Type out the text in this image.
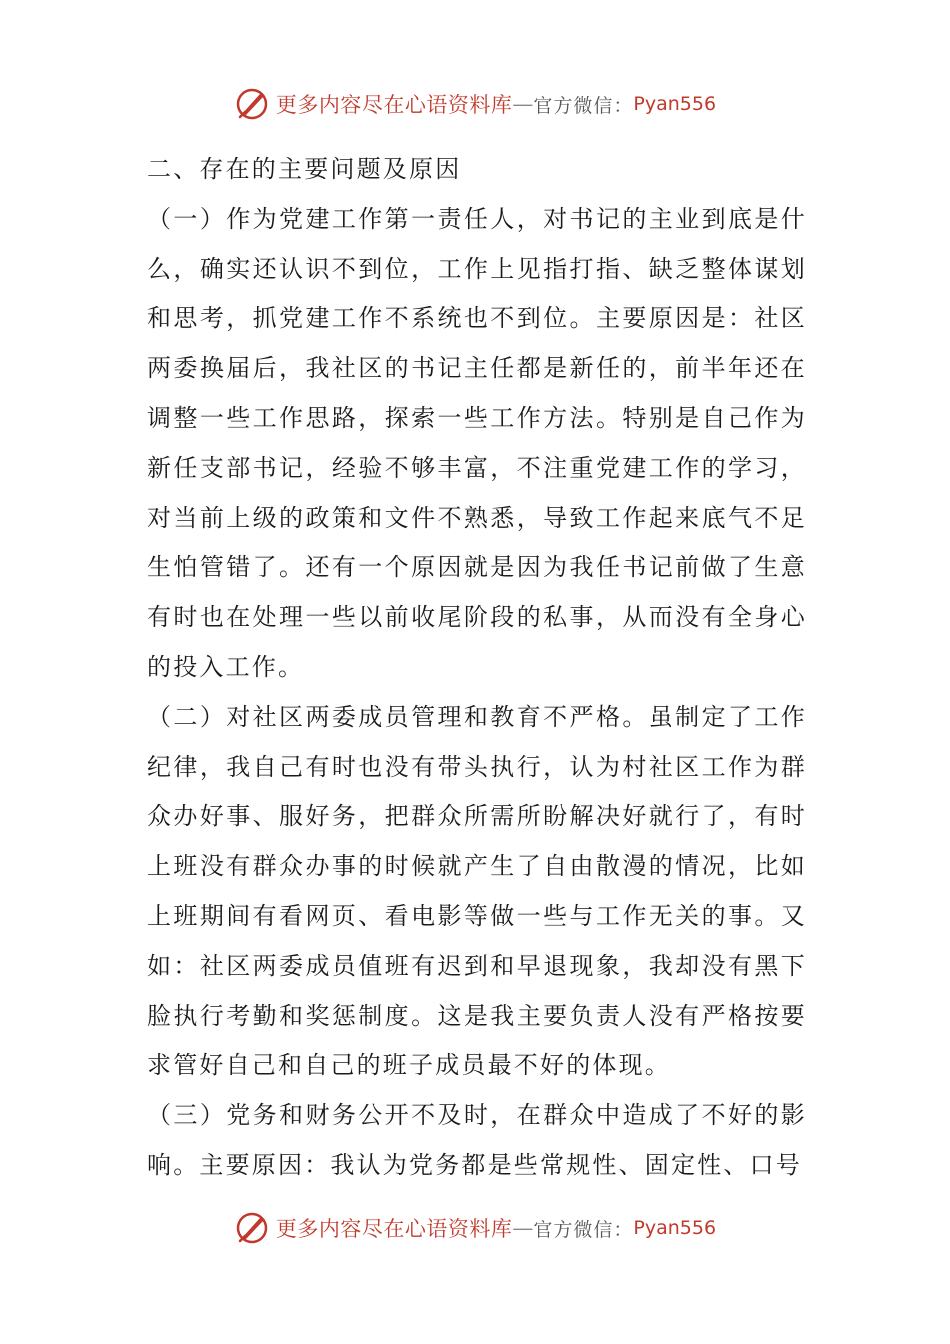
更多内容尽在心语资料库 — 官方微信： Pyan556

二、存在的主要问题及原因

（一）作为党建工作第一责任人，对书记的主业到底是什么，确实还认识不到位，工作上见指打指、缺乏整体谋划和思考，抓党建工作不系统也不到位。主要原因是：社区两委换届后，我社区的书记主任都是新任的，前半年还在调整一些工作思路，探索一些工作方法。特别是自己作为新任支部书记，经验不够丰富，不注重党建工作的学习，对当前上级的政策和文件不熟悉，导致工作起来底气不足生怕管错了。还有一个原因就是因为我任书记前做了生意有时也在处理一些以前收尾阶段的私事，从而没有全身心的投入工作。

（二）对社区两委成员管理和教育不严格。虽制定了工作纪律，我自己有时也没有带头执行，认为村社区工作为群众办好事、服好务，把群众所需所盼解决好就行了，有时上班没有群众办事的时候就产生了自由散漫的情况，比如上班期间有看网页、看电影等做一些与工作无关的事。又如：社区两委成员值班有迟到和早退现象，我却没有黑下脸执行考勤和奖惩制度。这是我主要负责人没有严格按要求管好自己和自己的班子成员最不好的体现。

（三）党务和财务公开不及时，在群众中造成了不好的影响。主要原因：我认为党务都是些常规性、固定性、口号

更多内容尽在心语资料库 — 官方微信： Pyan556
